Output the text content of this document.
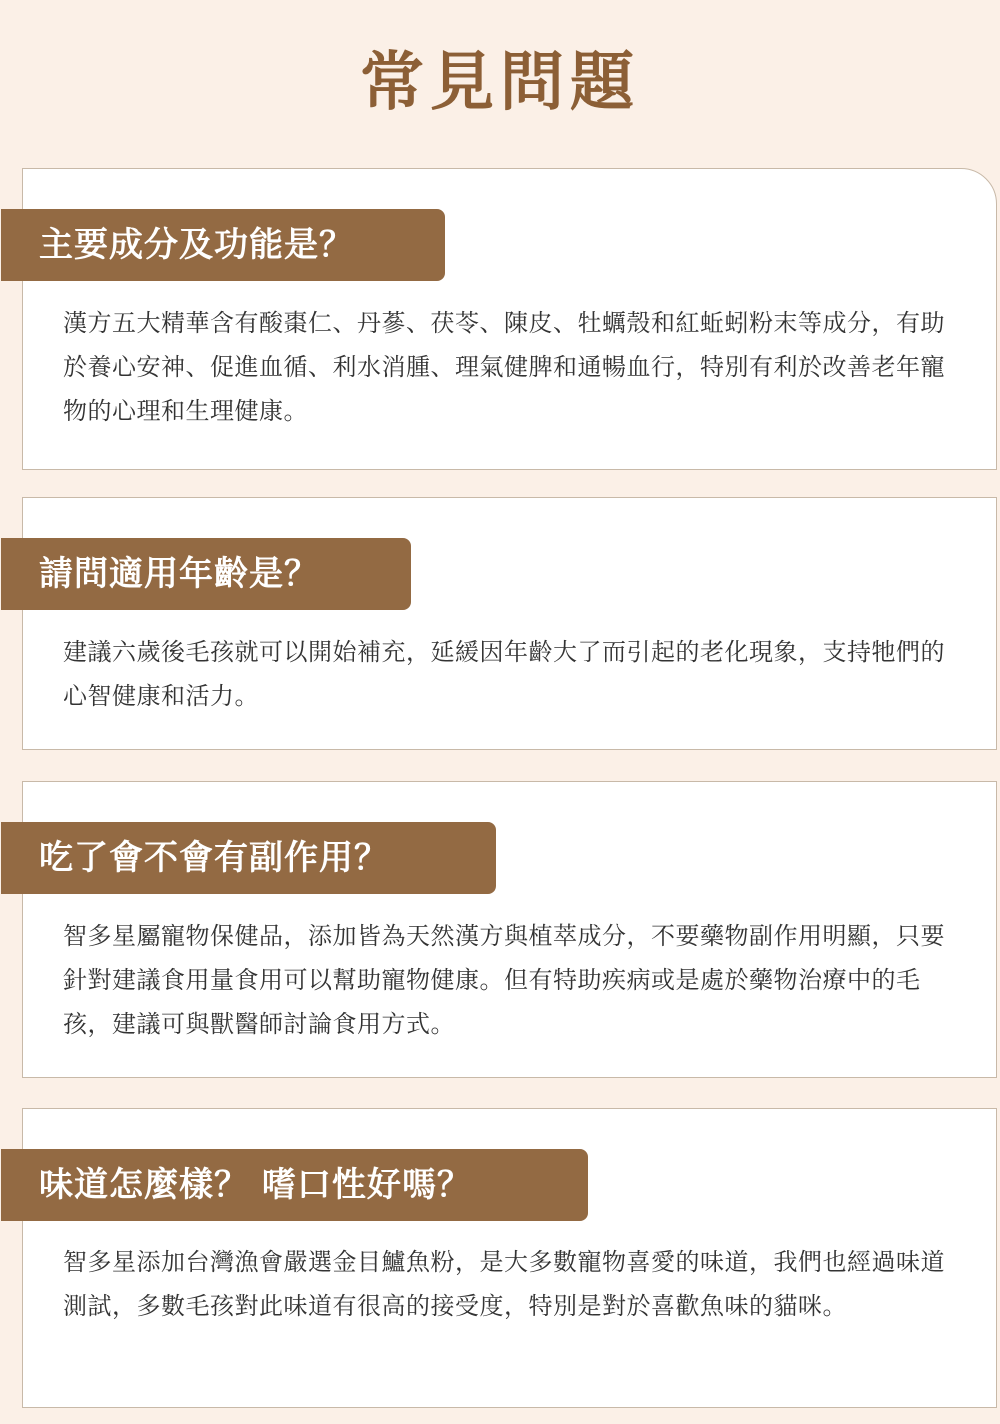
常見問題
主要成分及功能是？

漢方五大精華含有酸棗仁、丹蔘、茯苓、陳皮、牡蠣殼和紅蚯蚓粉末等成分，有助於養心安神、促進血循、利水消腫、理氣健脾和通暢血行，特別有利於改善老年寵物的心理和生理健康。

請問適用年齡是？

建議六歲後毛孩就可以開始補充，延緩因年齡大了而引起的老化現象，支持牠們的心智健康和活力。

吃了會不會有副作用？

智多星屬寵物保健品，添加皆為天然漢方與植萃成分，不要藥物副作用明顯，只要針對建議食用量食用可以幫助寵物健康。但有特助疾病或是處於藥物治療中的毛孩，建議可與獸醫師討論食用方式。

味道怎麼樣？ 嗜口性好嗎？

智多星添加台灣漁會嚴選金目鱸魚粉，是大多數寵物喜愛的味道，我們也經過味道測試，多數毛孩對此味道有很高的接受度，特別是對於喜歡魚味的貓咪。
